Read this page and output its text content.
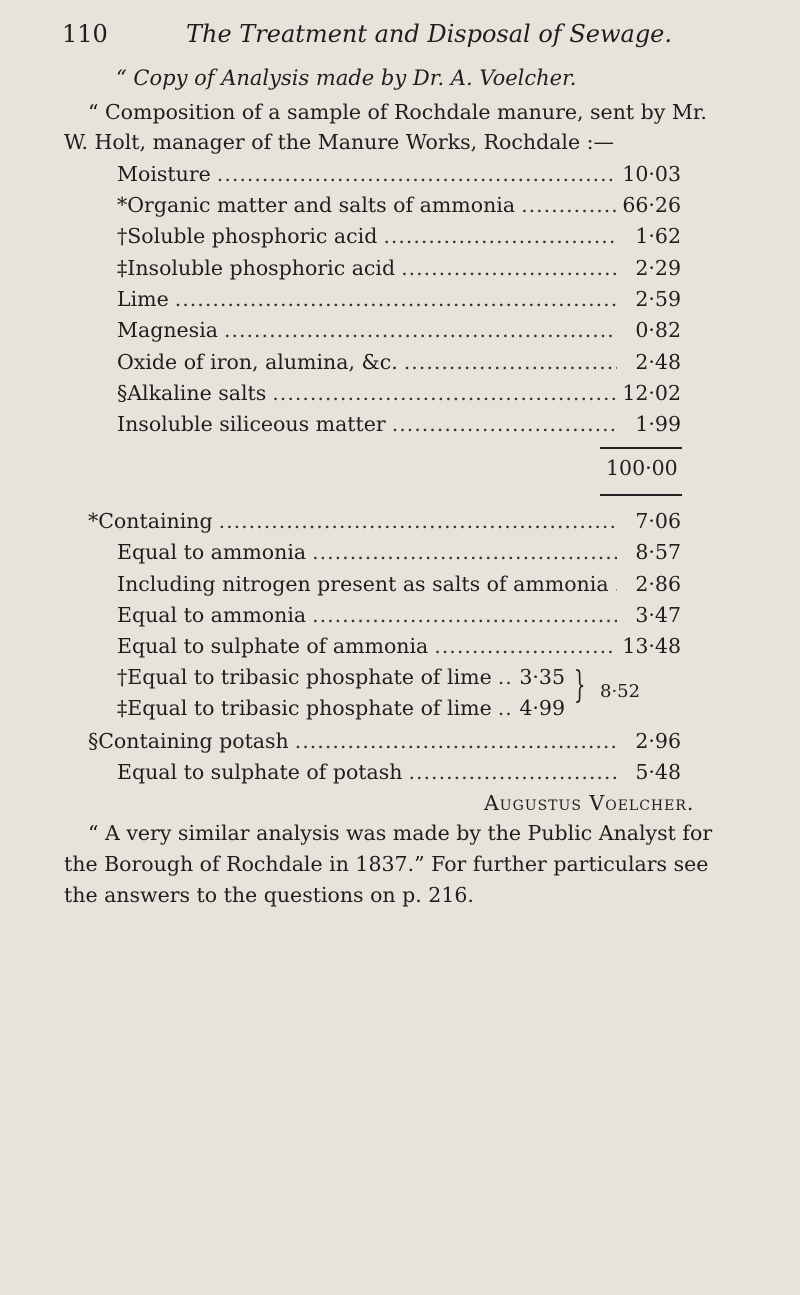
110	The Treatment and Disposal of Sewage.
“ Copy of Analysis made by Dr. A. Voelcher.
“ Composition of a sample of Rochdale manure, sent by Mr.
W. Holt, manager of the Manure Works, Rochdale :—
Moisture .....	10·03
*Organic matter and salts of ammonia .....	66·26
†Soluble phosphoric acid .....	1·62
‡Insoluble phosphoric acid .....	2·29
Lime .....	2·59
Magnesia .....	0·82
Oxide of iron, alumina, &c. .....	2·48
§Alkaline salts .....	12·02
Insoluble siliceous matter .....	1·99
100·00
*Containing .....	7·06
Equal to ammonia .....	8·57
Including nitrogen present as salts of ammonia .....	2·86
Equal to ammonia .....	3·47
Equal to sulphate of ammonia .....	13·48
†Equal to tribasic phosphate of lime ..... 3·35
‡Equal to tribasic phosphate of lime ..... 4·99
} 8·52
§Containing potash .....	2·96
Equal to sulphate of potash .....	5·48
Augustus Voelcher.
“ A very similar analysis was made by the Public Analyst for
the Borough of Rochdale in 1837.” For further particulars see
the answers to the questions on p. 216.
